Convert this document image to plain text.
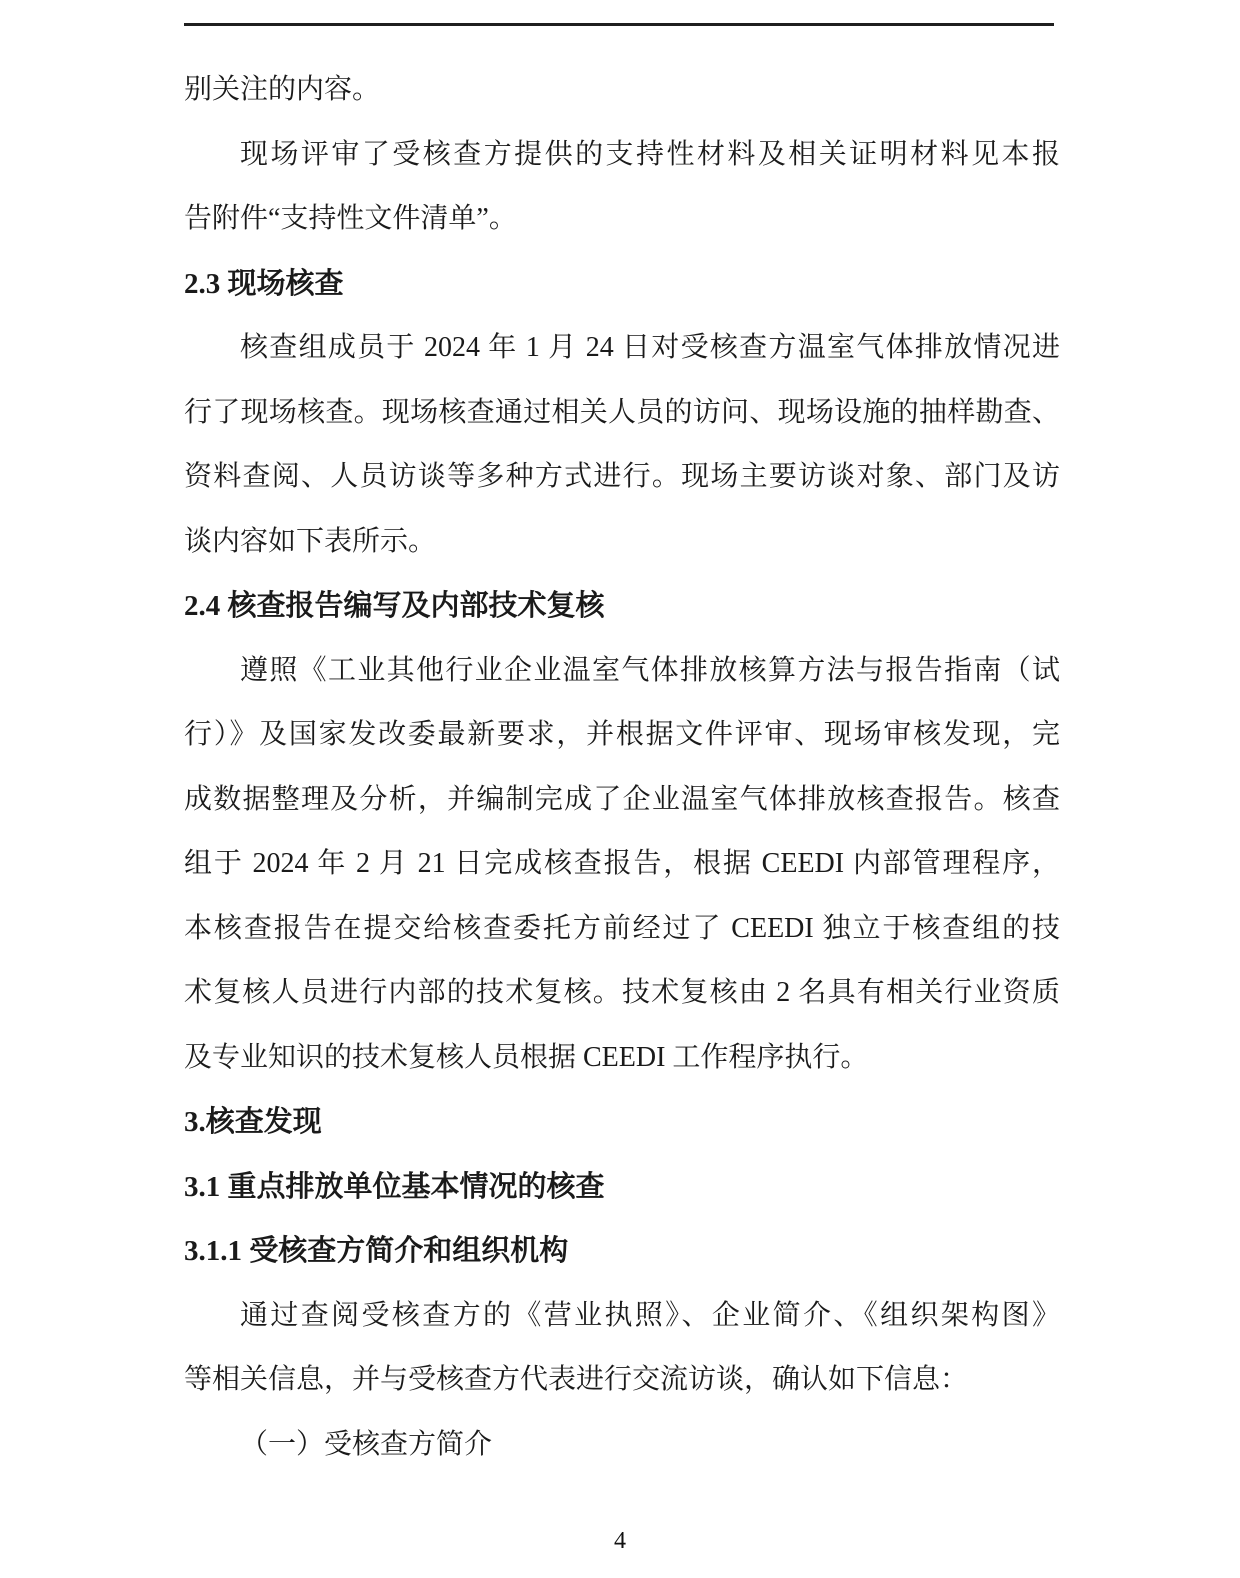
别关注的内容。
现场评审了受核查方提供的支持性材料及相关证明材料见本报
告附件“支持性文件清单”。
2.3 现场核查
核查组成员于 2024 年 1 月 24 日对受核查方温室气体排放情况进
行了现场核查。现场核查通过相关人员的访问、现场设施的抽样勘查、
资料查阅、人员访谈等多种方式进行。现场主要访谈对象、部门及访
谈内容如下表所示。
2.4 核查报告编写及内部技术复核
遵照《工业其他行业企业温室气体排放核算方法与报告指南（试
行）》及国家发改委最新要求，并根据文件评审、现场审核发现，完
成数据整理及分析，并编制完成了企业温室气体排放核查报告。核查
组于 2024 年 2 月 21 日完成核查报告，根据 CEEDI 内部管理程序，
本核查报告在提交给核查委托方前经过了 CEEDI 独立于核查组的技
术复核人员进行内部的技术复核。技术复核由 2 名具有相关行业资质
及专业知识的技术复核人员根据 CEEDI 工作程序执行。
3.核查发现
3.1 重点排放单位基本情况的核查
3.1.1 受核查方简介和组织机构
通过查阅受核查方的《营业执照》、企业简介、《组织架构图》
等相关信息，并与受核查方代表进行交流访谈，确认如下信息：
（一）受核查方简介
4
